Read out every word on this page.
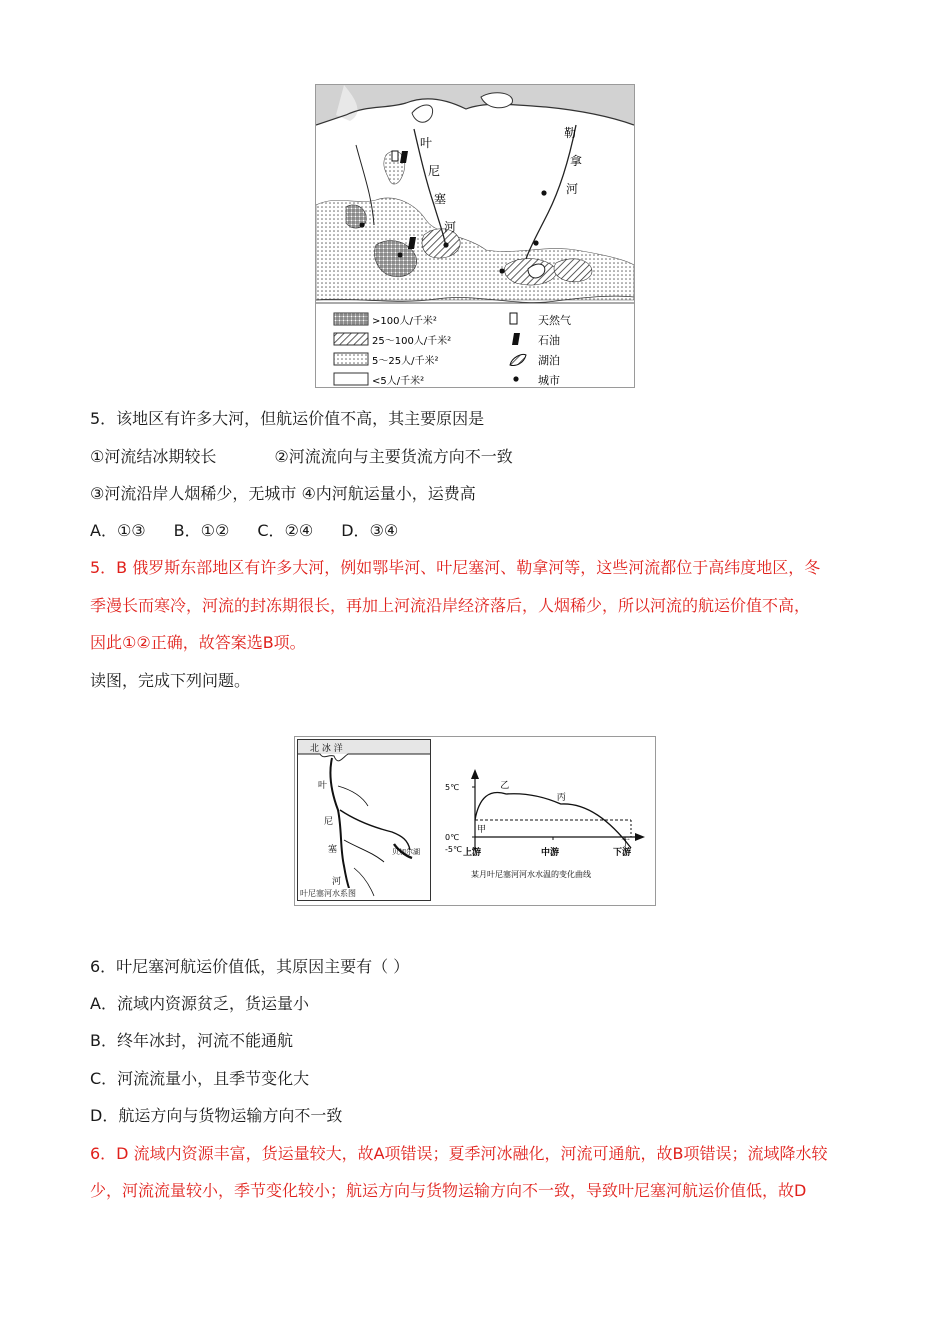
叶
尼
塞
河
勒
拿
河
>100人/千米²
25～100人/千米²
5～25人/千米²
<5人/千米²
天然气
石油
湖泊
城市
5．该地区有许多大河，但航运价值不高，其主要原因是
①河流结冰期较长	②河流流向与主要货流方向不一致
③河流沿岸人烟稀少，无城市 ④内河航运量小，运费高
A．①③ B．①② C．②④ D．③④
5．B 俄罗斯东部地区有许多大河，例如鄂毕河、叶尼塞河、勒拿河等，这些河流都位于高纬度地区，冬
季漫长而寒冷，河流的封冻期很长，再加上河流沿岸经济落后，人烟稀少，所以河流的航运价值不高，
因此①②正确，故答案选B项。
读图，完成下列问题。
北 冰 洋
叶
尼
塞
河
贝加尔湖
叶尼塞河水系图
5℃
0℃
-5℃
甲
乙
丙
丁
上游	中游	下游
某月叶尼塞河河水水温的变化曲线
6．叶尼塞河航运价值低，其原因主要有（ ）
A．流域内资源贫乏，货运量小
B．终年冰封，河流不能通航
C．河流流量小，且季节变化大
D．航运方向与货物运输方向不一致
6．D 流域内资源丰富，货运量较大，故A项错误；夏季河冰融化，河流可通航，故B项错误；流域降水较
少，河流流量较小，季节变化较小；航运方向与货物运输方向不一致，导致叶尼塞河航运价值低，故D
